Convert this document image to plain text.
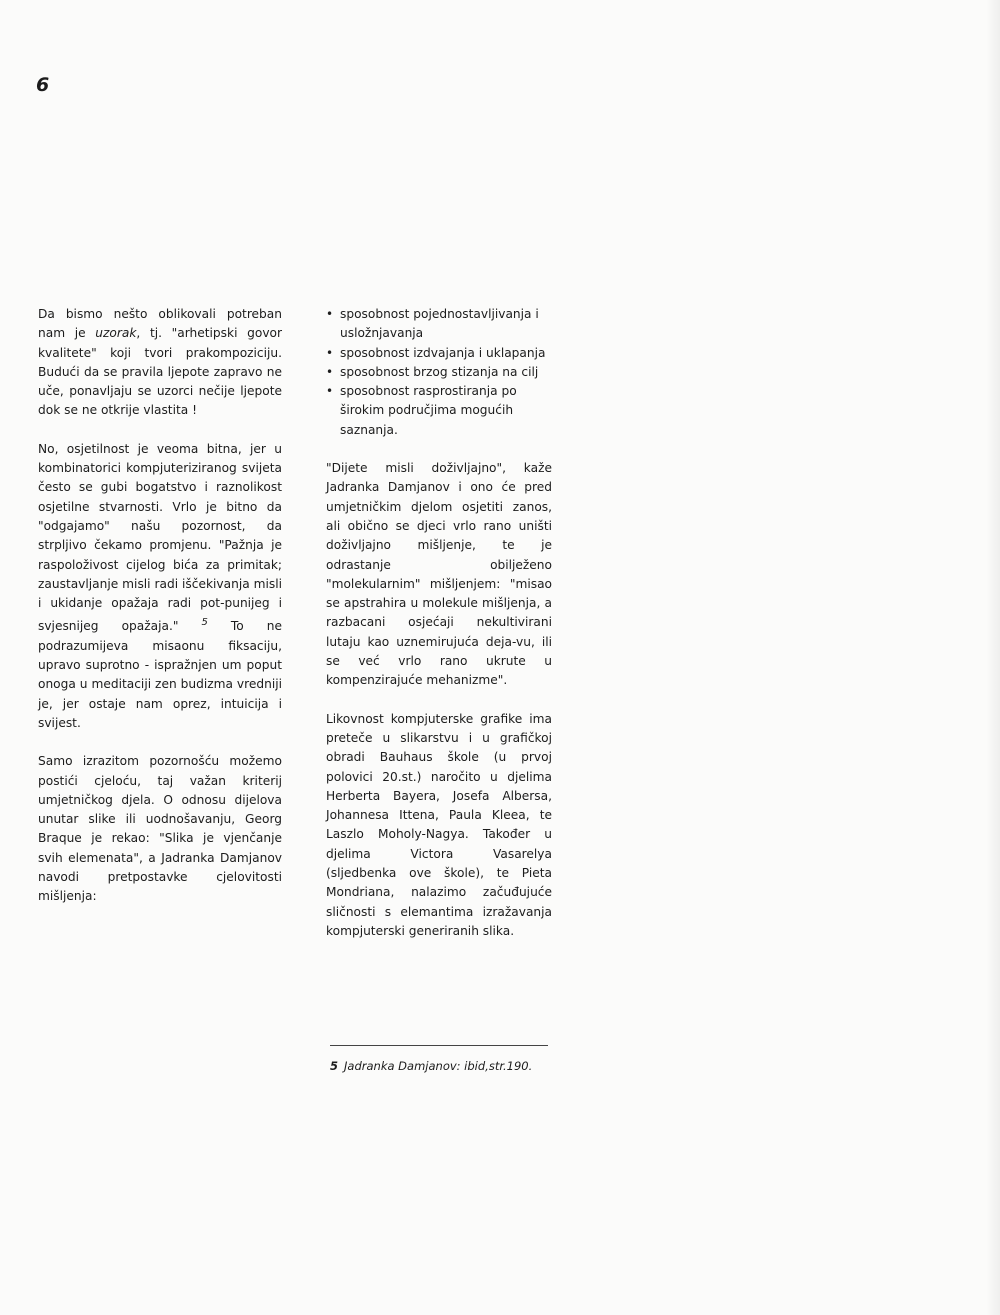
6

Da bismo nešto oblikovali potreban nam je uzorak, tj. "arhetipski govor kvalitete" koji tvori prakompoziciju. Budući da se pravila ljepote zapravo ne uče, ponavljaju se uzorci nečije ljepote dok se ne otkrije vlastita !

No, osjetilnost je veoma bitna, jer u kombinatorici kompjuteriziranog svijeta često se gubi bogatstvo i raznolikost osjetilne stvarnosti. Vrlo je bitno da "odgajamo" našu pozornost, da strpljivo čekamo promjenu. "Pažnja je raspoloživost cijelog bića za primitak; zaustavljanje misli radi iščekivanja misli i ukidanje opažaja radi pot-punijeg i svjesnijeg opažaja." $^5$ To ne podrazumijeva misaonu fiksaciju, upravo suprotno - ispražnjen um poput onoga u meditaciji zen budizma vredniji je, jer ostaje nam oprez, intuicija i svijest.

Samo izrazitom pozornošću možemo postići cjeloću, taj važan kriterij umjetničkog djela. O odnosu dijelova unutar slike ili uodnošavanju, Georg Braque je rekao: "Slika je vjenčanje svih elemenata", a Jadranka Damjanov navodi pretpostavke cjelovitosti mišljenja:

• sposobnost pojednostavljivanja i usložnjavanja
• sposobnost izdvajanja i uklapanja
• sposobnost brzog stizanja na cilj
• sposobnost rasprostiranja po širokim područjima mogućih saznanja.

"Dijete misli doživljajno", kaže Jadranka Damjanov i ono će pred umjetničkim djelom osjetiti zanos, ali obično se djeci vrlo rano uništi doživljajno mišljenje, te je odrastanje obilježeno "molekularnim" mišljenjem: "misao se apstrahira u molekule mišljenja, a razbacani osjećaji nekultivirani lutaju kao uznemirujuća deja-vu, ili se već vrlo rano ukrute u kompenzirajuće mehanizme".

Likovnost kompjuterske grafike ima preteče u slikarstvu i u grafičkoj obradi Bauhaus škole (u prvoj polovici 20.st.) naročito u djelima Herberta Bayera, Josefa Albersa, Johannesa Ittena, Paula Kleea, te Laszlo Moholy-Nagya. Također u djelima Victora Vasarelya (sljedbenka ove škole), te Pieta Mondriana, nalazimo začuđujuće sličnosti s elemantima izražavanja kompjuterski generiranih slika.

5 Jadranka Damjanov: ibid,str.190.
